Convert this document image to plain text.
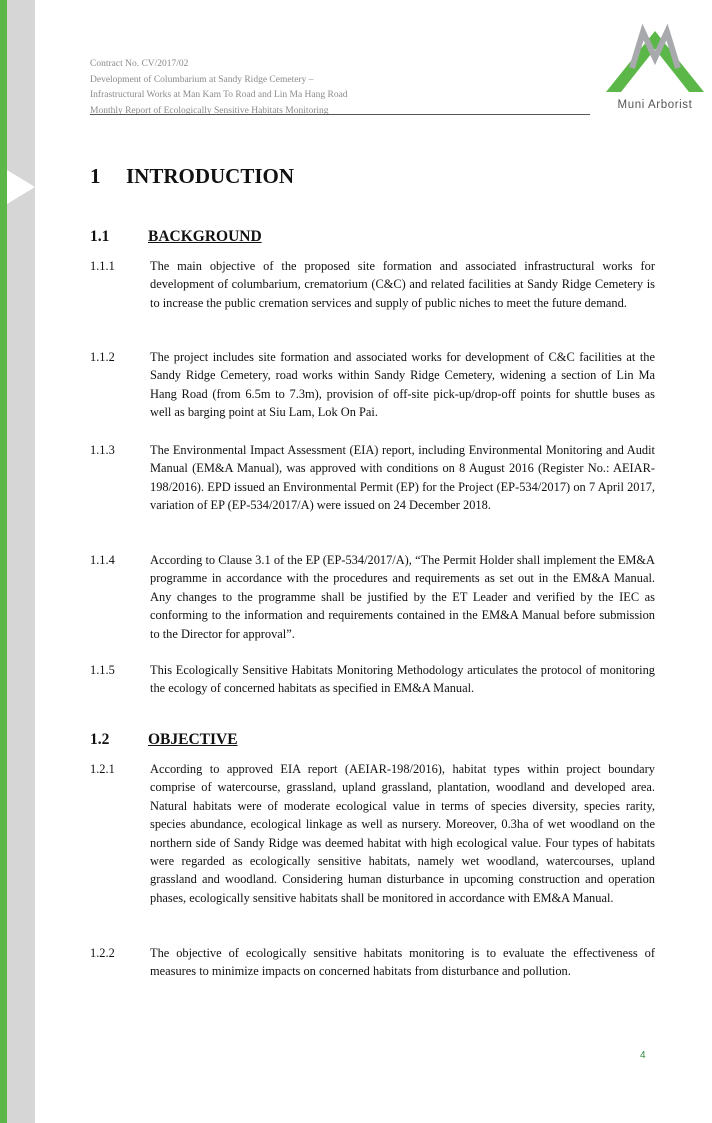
Contract No. CV/2017/02
Development of Columbarium at Sandy Ridge Cemetery –
Infrastructural Works at Man Kam To Road and Lin Ma Hang Road
Monthly Report of Ecologically Sensitive Habitats Monitoring	Muni Arborist
1 INTRODUCTION
1.1 BACKGROUND
1.1.1	The main objective of the proposed site formation and associated infrastructural works for development of columbarium, crematorium (C&C) and related facilities at Sandy Ridge Cemetery is to increase the public cremation services and supply of public niches to meet the future demand.
1.1.2	The project includes site formation and associated works for development of C&C facilities at the Sandy Ridge Cemetery, road works within Sandy Ridge Cemetery, widening a section of Lin Ma Hang Road (from 6.5m to 7.3m), provision of off-site pick-up/drop-off points for shuttle buses as well as barging point at Siu Lam, Lok On Pai.
1.1.3	The Environmental Impact Assessment (EIA) report, including Environmental Monitoring and Audit Manual (EM&A Manual), was approved with conditions on 8 August 2016 (Register No.: AEIAR-198/2016). EPD issued an Environmental Permit (EP) for the Project (EP-534/2017) on 7 April 2017, variation of EP (EP-534/2017/A) were issued on 24 December 2018.
1.1.4	According to Clause 3.1 of the EP (EP-534/2017/A), “The Permit Holder shall implement the EM&A programme in accordance with the procedures and requirements as set out in the EM&A Manual. Any changes to the programme shall be justified by the ET Leader and verified by the IEC as conforming to the information and requirements contained in the EM&A Manual before submission to the Director for approval”.
1.1.5	This Ecologically Sensitive Habitats Monitoring Methodology articulates the protocol of monitoring the ecology of concerned habitats as specified in EM&A Manual.
1.2 OBJECTIVE
1.2.1	According to approved EIA report (AEIAR-198/2016), habitat types within project boundary comprise of watercourse, grassland, upland grassland, plantation, woodland and developed area. Natural habitats were of moderate ecological value in terms of species diversity, species rarity, species abundance, ecological linkage as well as nursery. Moreover, 0.3ha of wet woodland on the northern side of Sandy Ridge was deemed habitat with high ecological value. Four types of habitats were regarded as ecologically sensitive habitats, namely wet woodland, watercourses, upland grassland and woodland. Considering human disturbance in upcoming construction and operation phases, ecologically sensitive habitats shall be monitored in accordance with EM&A Manual.
1.2.2	The objective of ecologically sensitive habitats monitoring is to evaluate the effectiveness of measures to minimize impacts on concerned habitats from disturbance and pollution.
4
